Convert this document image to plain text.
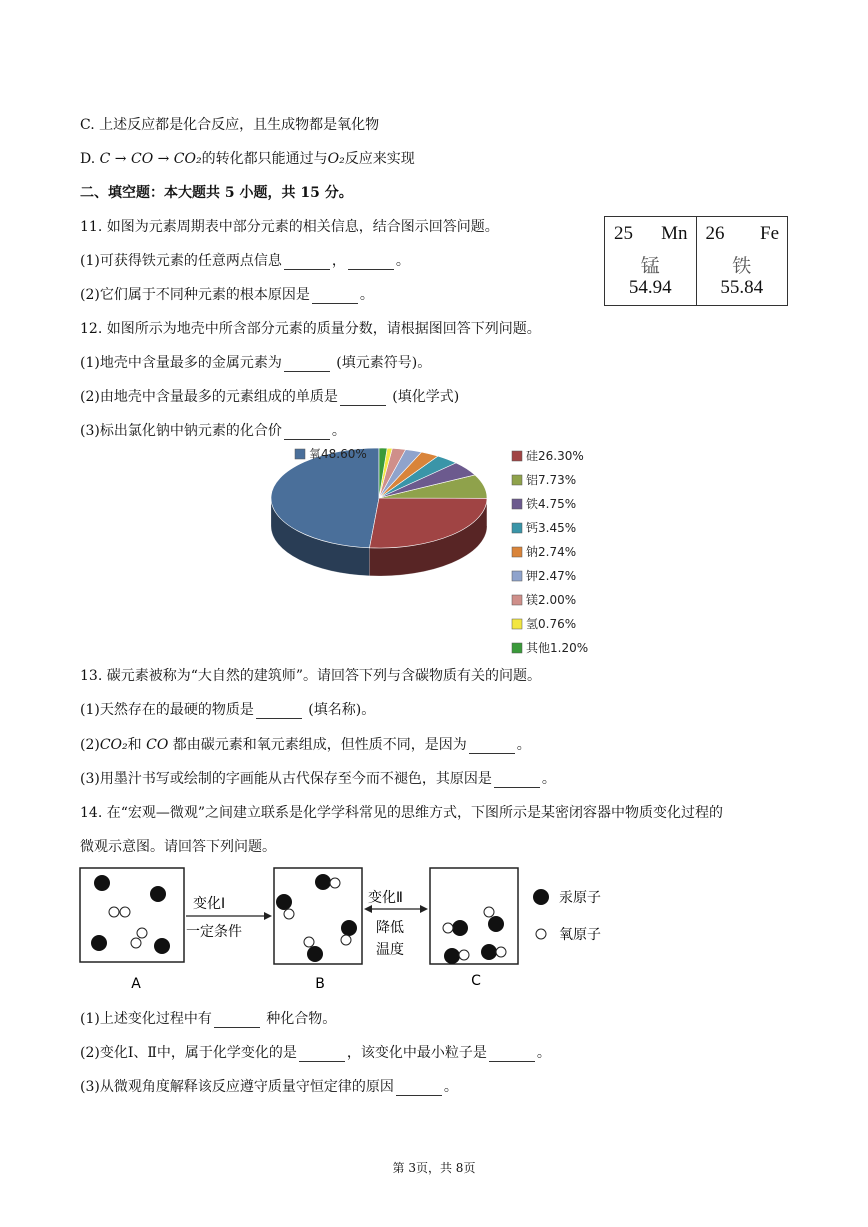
C. 上述反应都是化合反应，且生成物都是氧化物
D. C → CO → CO₂的转化都只能通过与O₂反应来实现
二、填空题：本大题共 5 小题，共 15 分。
11. 如图为元素周期表中部分元素的相关信息，结合图示回答问题。
(1)可获得铁元素的任意两点信息	，	。
(2)它们属于不同种元素的根本原因是	。
25 Mn
锰
54.94
26 Fe
铁
55.84
12. 如图所示为地壳中所含部分元素的质量分数，请根据图回答下列问题。
(1)地壳中含量最多的金属元素为	(填元素符号)。
(2)由地壳中含量最多的元素组成的单质是	(填化学式)
(3)标出氯化钠中钠元素的化合价	。
氧48.60%	硅26.30%
铝7.73%
铁4.75%
钙3.45%
钠2.74%
钾2.47%
镁2.00%
氢0.76%
其他1.20%
13. 碳元素被称为“大自然的建筑师”。请回答下列与含碳物质有关的问题。
(1)天然存在的最硬的物质是	(填名称)。
(2)CO₂和 CO 都由碳元素和氧元素组成，但性质不同，是因为	。
(3)用墨汁书写或绘制的字画能从古代保存至今而不褪色，其原因是	。
14. 在“宏观—微观”之间建立联系是化学学科常见的思维方式，下图所示是某密闭容器中物质变化过程的
微观示意图。请回答下列问题。
变化Ⅰ
一定条件
变化Ⅱ
降低
温度
A	B	C
汞原子
氧原子
(1)上述变化过程中有	种化合物。
(2)变化Ⅰ、Ⅱ中，属于化学变化的是	，该变化中最小粒子是	。
(3)从微观角度解释该反应遵守质量守恒定律的原因	。
第 3页，共 8页
